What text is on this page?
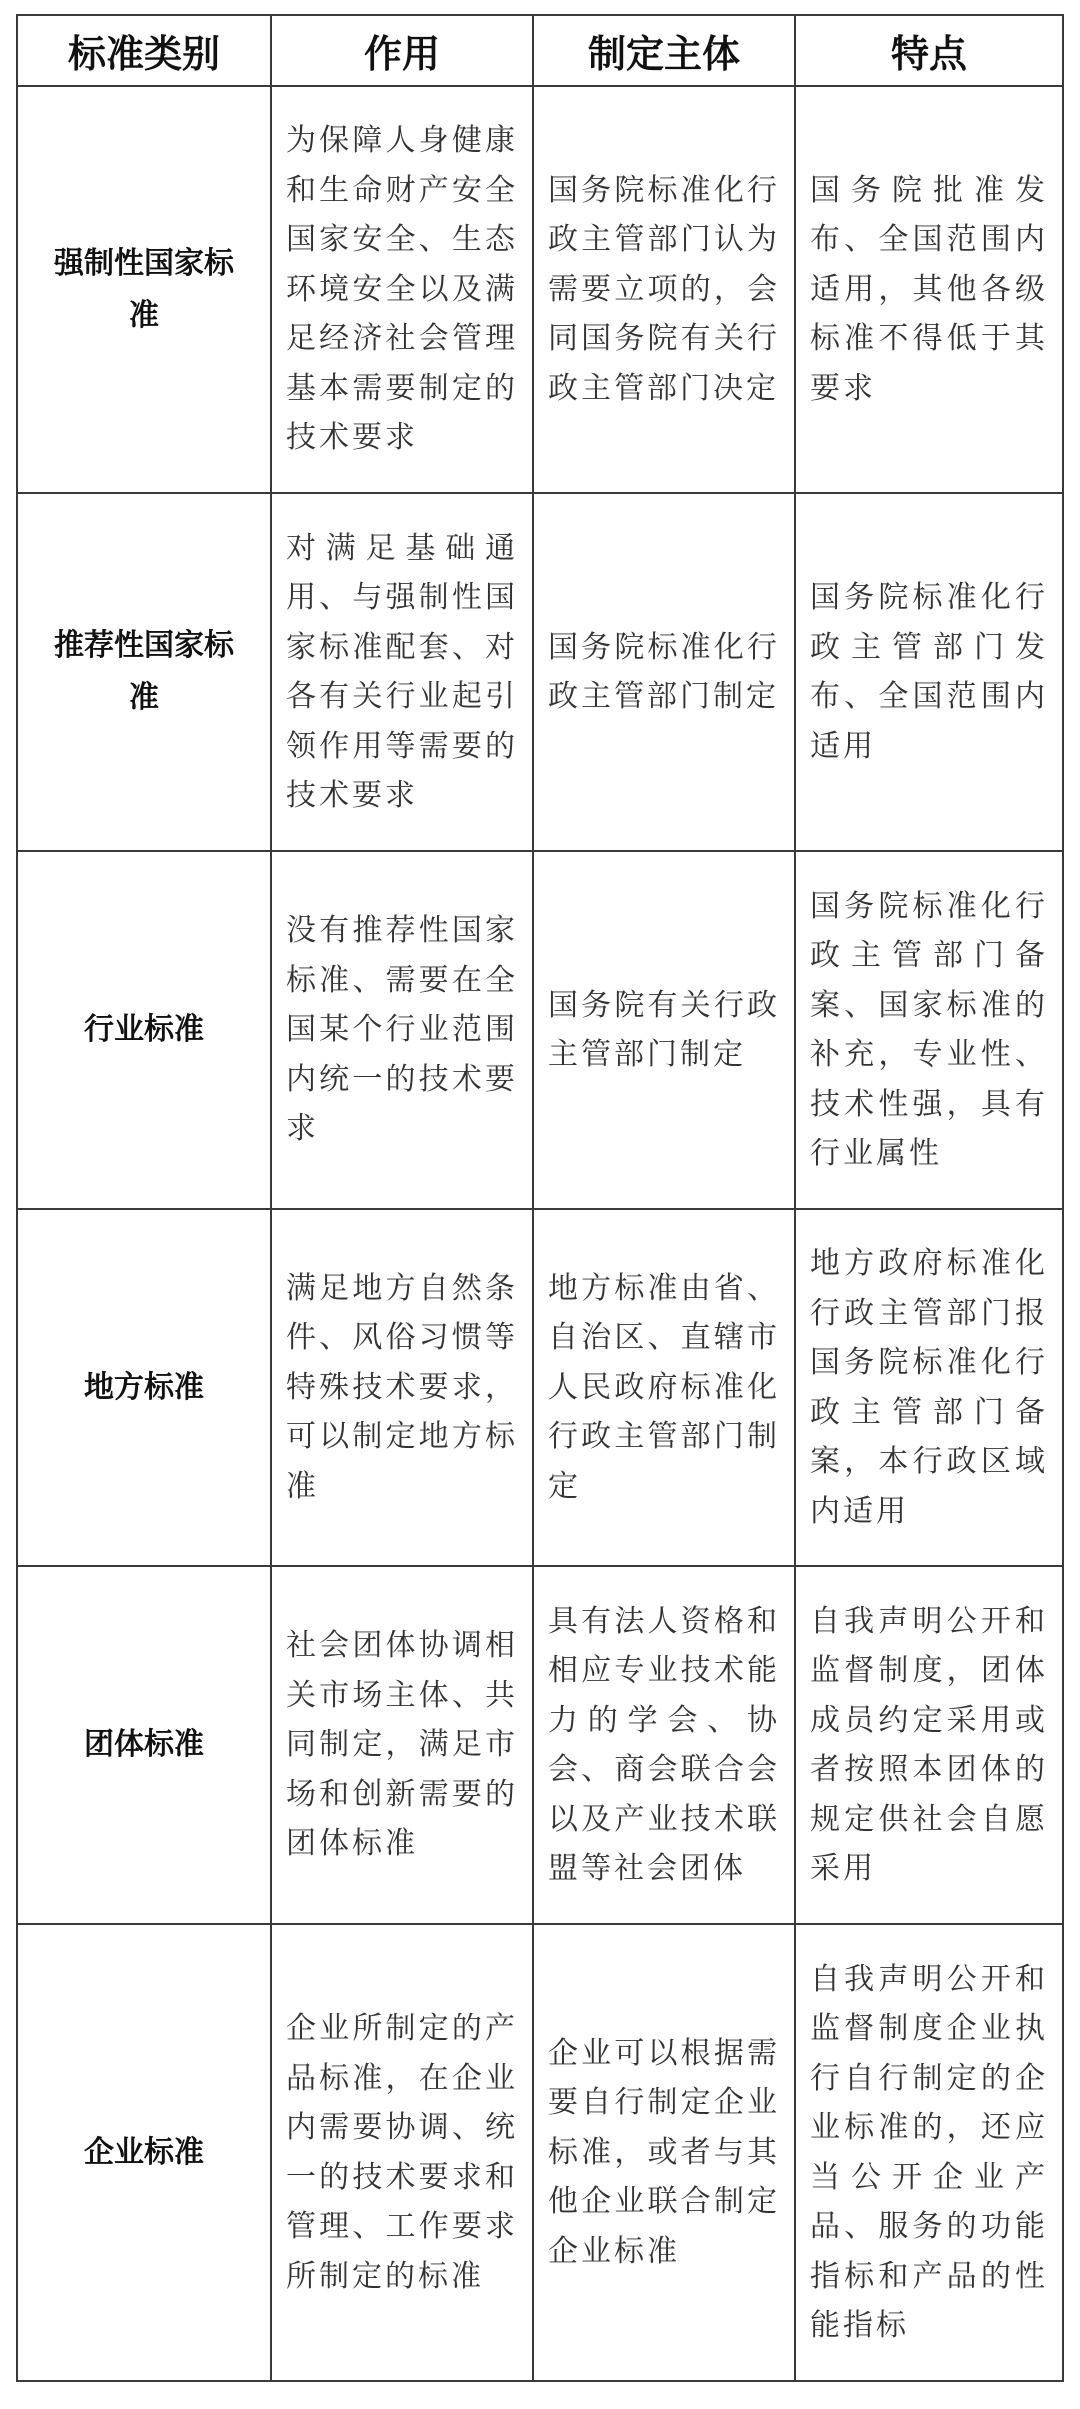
标准类别	作用	制定主体	特点
强制性国家标准	为保障人身健康和生命财产安全国家安全、生态环境安全以及满足经济社会管理基本需要制定的技术要求	国务院标准化行政主管部门认为需要立项的，会同国务院有关行政主管部门决定	国务院批准发布、全国范围内适用，其他各级标准不得低于其要求
推荐性国家标准	对满足基础通用、与强制性国家标准配套、对各有关行业起引领作用等需要的技术要求	国务院标准化行政主管部门制定	国务院标准化行政主管部门发布、全国范围内适用
行业标准	没有推荐性国家标准、需要在全国某个行业范围内统一的技术要求	国务院有关行政主管部门制定	国务院标准化行政主管部门备案、国家标准的补充，专业性、技术性强，具有行业属性
地方标准	满足地方自然条件、风俗习惯等特殊技术要求，可以制定地方标准	地方标准由省、自治区、直辖市人民政府标准化行政主管部门制定	地方政府标准化行政主管部门报国务院标准化行政主管部门备案，本行政区域内适用
团体标准	社会团体协调相关市场主体、共同制定，满足市场和创新需要的团体标准	具有法人资格和相应专业技术能力的学会、协会、商会联合会以及产业技术联盟等社会团体	自我声明公开和监督制度，团体成员约定采用或者按照本团体的规定供社会自愿采用
企业标准	企业所制定的产品标准，在企业内需要协调、统一的技术要求和管理、工作要求所制定的标准	企业可以根据需要自行制定企业标准，或者与其他企业联合制定企业标准	自我声明公开和监督制度企业执行自行制定的企业标准的，还应当公开企业产品、服务的功能指标和产品的性能指标
